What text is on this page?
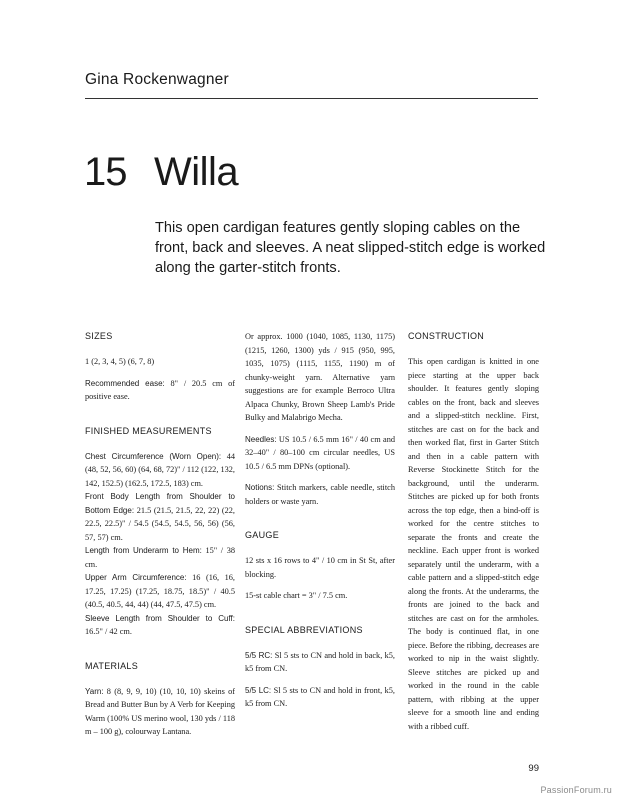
Gina Rockenwagner
15 Willa
This open cardigan features gently sloping cables on the front, back and sleeves. A neat slipped-stitch edge is worked along the garter-stitch fronts.
SIZES

1 (2, 3, 4, 5) (6, 7, 8)

Recommended ease: 8" / 20.5 cm of positive ease.

FINISHED MEASUREMENTS

Chest Circumference (Worn Open): 44 (48, 52, 56, 60) (64, 68, 72)" / 112 (122, 132, 142, 152.5) (162.5, 172.5, 183) cm.

Front Body Length from Shoulder to Bottom Edge: 21.5 (21.5, 21.5, 22, 22) (22, 22.5, 22.5)" / 54.5 (54.5, 54.5, 56, 56) (56, 57, 57) cm.

Length from Underarm to Hem: 15" / 38 cm.

Upper Arm Circumference: 16 (16, 16, 17.25, 17.25) (17.25, 18.75, 18.5)" / 40.5 (40.5, 40.5, 44, 44) (44, 47.5, 47.5) cm.

Sleeve Length from Shoulder to Cuff: 16.5" / 42 cm.

MATERIALS

Yarn: 8 (8, 9, 9, 10) (10, 10, 10) skeins of Bread and Butter Bun by A Verb for Keeping Warm (100% US merino wool, 130 yds / 118 m – 100 g), colourway Lantana.

Or approx. 1000 (1040, 1085, 1130, 1175) (1215, 1260, 1300) yds / 915 (950, 995, 1035, 1075) (1115, 1155, 1190) m of chunky-weight yarn. Alternative yarn suggestions are for example Berroco Ultra Alpaca Chunky, Brown Sheep Lamb's Pride Bulky and Malabrigo Mecha.

Needles: US 10.5 / 6.5 mm 16" / 40 cm and 32–40" / 80–100 cm circular needles, US 10.5 / 6.5 mm DPNs (optional).

Notions: Stitch markers, cable needle, stitch holders or waste yarn.

GAUGE

12 sts x 16 rows to 4" / 10 cm in St St, after blocking.

15-st cable chart = 3" / 7.5 cm.

SPECIAL ABBREVIATIONS

5/5 RC: Sl 5 sts to CN and hold in back, k5, k5 from CN.

5/5 LC: Sl 5 sts to CN and hold in front, k5, k5 from CN.

CONSTRUCTION

This open cardigan is knitted in one piece starting at the upper back shoulder. It features gently sloping cables on the front, back and sleeves and a slipped-stitch neckline. First, stitches are cast on for the back and then worked flat, first in Garter Stitch and then in a cable pattern with Reverse Stockinette Stitch for the background, until the underarm. Stitches are picked up for both fronts across the top edge, then a bind-off is worked for the centre stitches to separate the fronts and create the neckline. Each upper front is worked separately until the underarm, with a cable pattern and a slipped-stitch edge along the fronts. At the underarms, the fronts are joined to the back and stitches are cast on for the armholes. The body is continued flat, in one piece. Before the ribbing, decreases are worked to nip in the waist slightly. Sleeve stitches are picked up and worked in the round in the cable pattern, with ribbing at the upper sleeve for a smooth line and ending with a ribbed cuff.

99
PassionForum.ru
